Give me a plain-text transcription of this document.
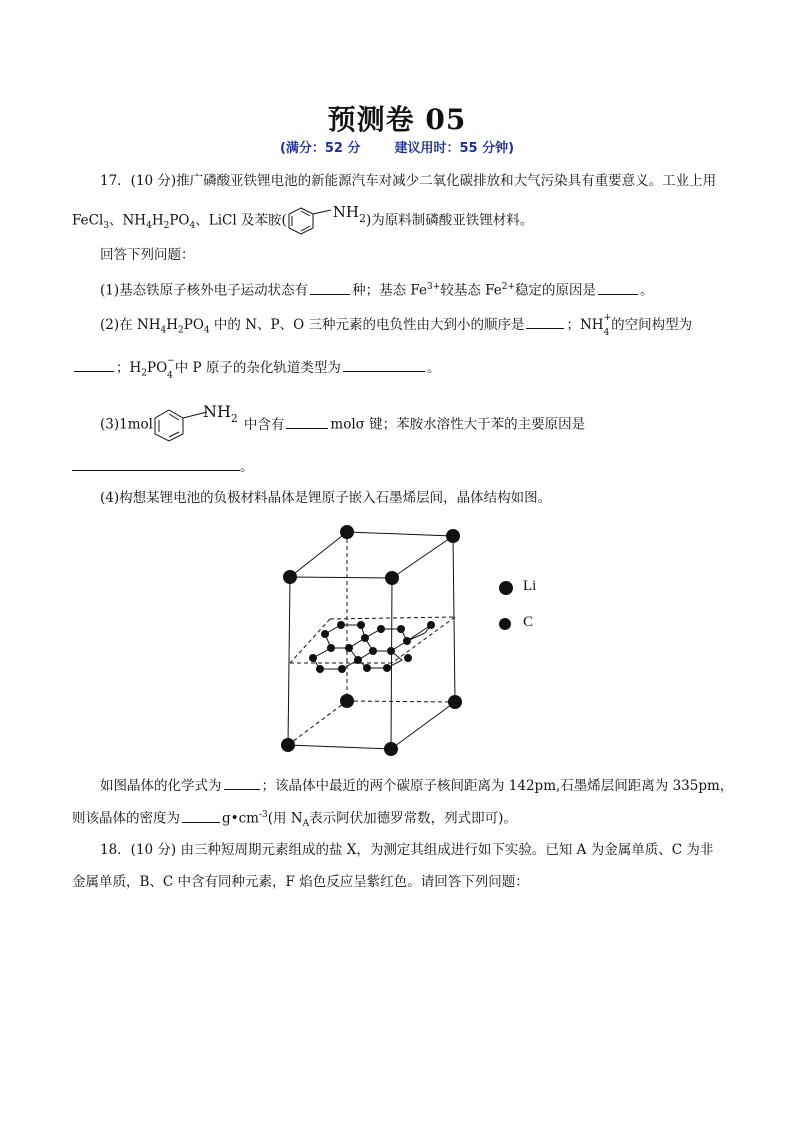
预测卷 05
(满分：52 分	建议用时：55 分钟)
17．(10 分)推广磷酸亚铁锂电池的新能源汽车对减少二氧化碳排放和大气污染具有重要意义。工业上用
FeCl$_3$、$NH_4H_2PO_4$、LiCl 及苯胺(	$NH_2$)为原料制磷酸亚铁锂材料。
回答下列问题：
(1)基态铁原子核外电子运动状态有	种；基态 $Fe^{3+}$较基态 $Fe^{2+}$稳定的原因是	。
(2)在 $NH_4H_2PO_4$ 中的 N、P、O 三种元素的电负性由大到小的顺序是	；NH+
$_4$ 的空间构型为
；$H_2PO^-$
$_4$ 中 P 原子的杂化轨道类型为	。
(3)1molNH$_2$ 中含有	molσ 键；苯胺水溶性大于苯的主要原因是
。
(4)构想某锂电池的负极材料晶体是锂原子嵌入石墨烯层间，晶体结构如图。
Li
C
如图晶体的化学式为	；该晶体中最近的两个碳原子核间距离为 142pm,石墨烯层间距离为 335pm，
则该晶体的密度为	$g•cm^{-3}$(用 $N_A$表示阿伏加德罗常数，列式即可)。
18．(10 分) 由三种短周期元素组成的盐 X，为测定其组成进行如下实验。已知 A 为金属单质、C 为非
金属单质，B、C 中含有同种元素，F 焰色反应呈紫红色。请回答下列问题：
